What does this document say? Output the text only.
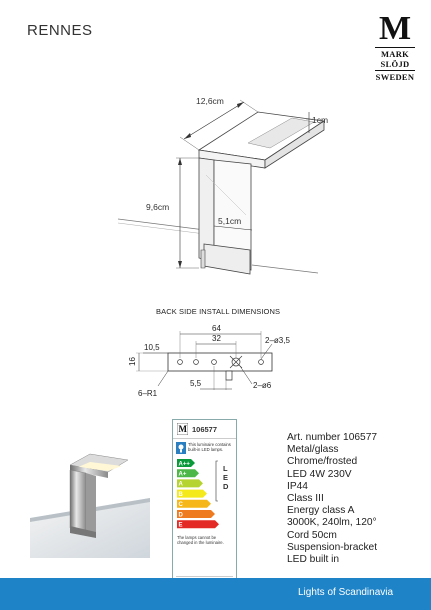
RENNES	M
MARK
SLÖJD
SWEDEN
12,6cm
1cm
9,6cm
5,1cm
BACK SIDE INSTALL DIMENSIONS
64
32	2–ø3,5
10,5
16
6–R1
5,5	2–ø6
M 106577
This luminaire contains built-in LED lamps.
A++
A+
A
B
C
D
E
L
E
D
The lamps cannot be changed in the luminaire.
Art. number 106577
Metal/glass
Chrome/frosted
LED 4W 230V
IP44
Class III
Energy class A
3000K, 240lm, 120°
Cord 50cm
Suspension-bracket
LED built in
Lights of Scandinavia
